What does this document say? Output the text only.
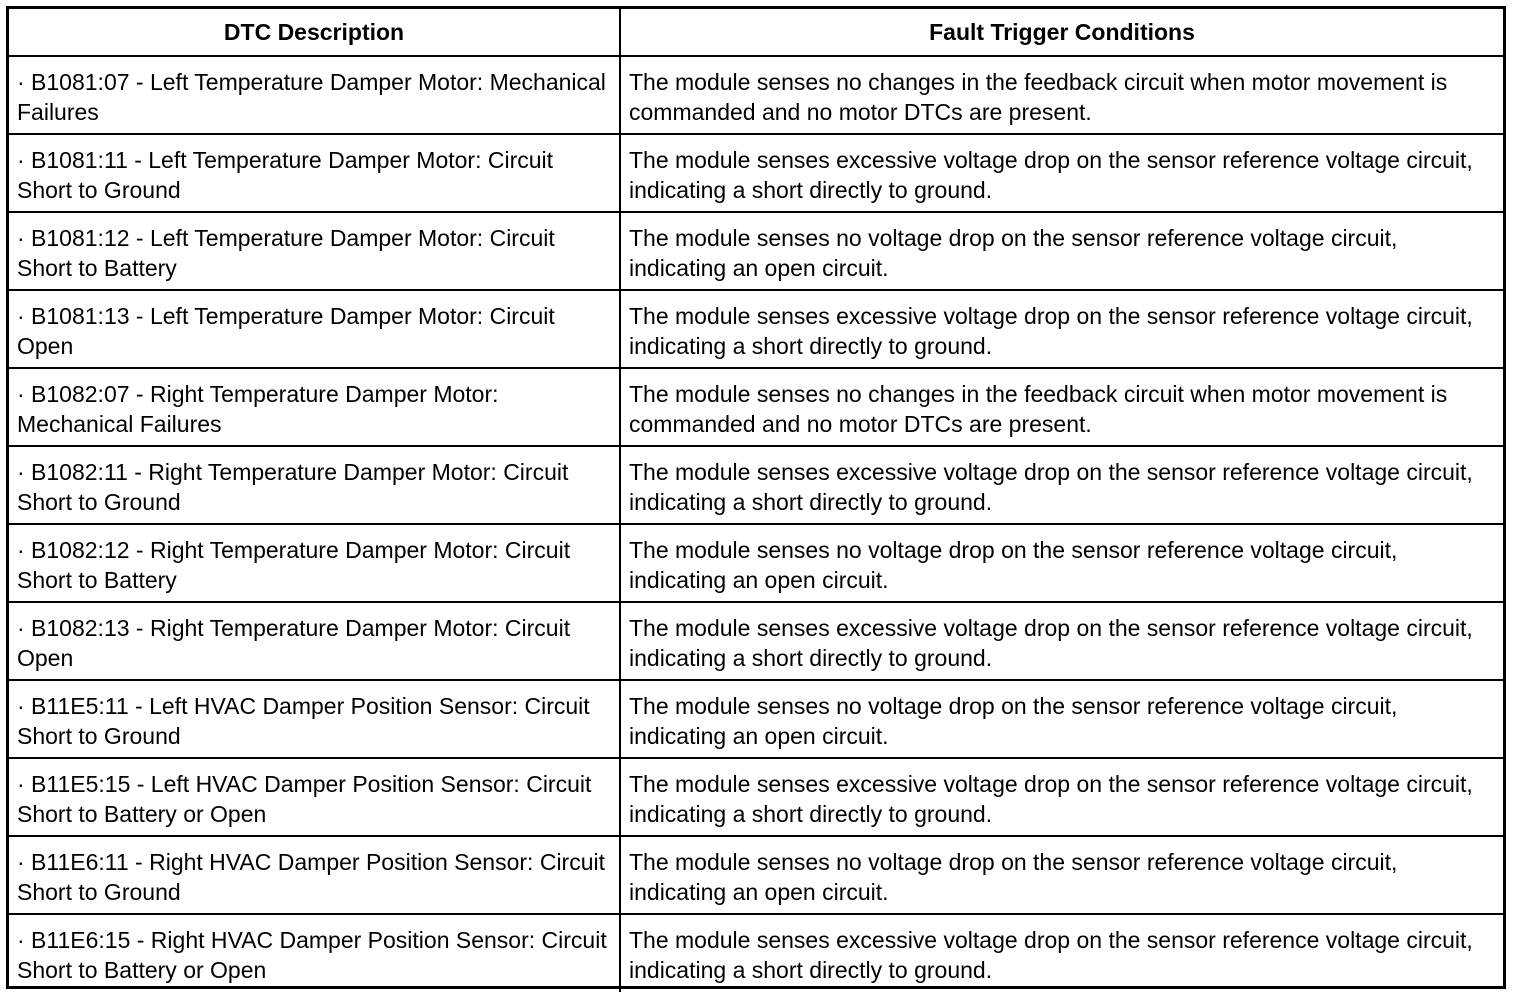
DTC Description	Fault Trigger Conditions
· B1081:07 - Left Temperature Damper Motor: Mechanical Failures	The module senses no changes in the feedback circuit when motor movement is commanded and no motor DTCs are present.
· B1081:11 - Left Temperature Damper Motor: Circuit Short to Ground	The module senses excessive voltage drop on the sensor reference voltage circuit, indicating a short directly to ground.
· B1081:12 - Left Temperature Damper Motor: Circuit Short to Battery	The module senses no voltage drop on the sensor reference voltage circuit, indicating an open circuit.
· B1081:13 - Left Temperature Damper Motor: Circuit Open	The module senses excessive voltage drop on the sensor reference voltage circuit, indicating a short directly to ground.
· B1082:07 - Right Temperature Damper Motor: Mechanical Failures	The module senses no changes in the feedback circuit when motor movement is commanded and no motor DTCs are present.
· B1082:11 - Right Temperature Damper Motor: Circuit Short to Ground	The module senses excessive voltage drop on the sensor reference voltage circuit, indicating a short directly to ground.
· B1082:12 - Right Temperature Damper Motor: Circuit Short to Battery	The module senses no voltage drop on the sensor reference voltage circuit, indicating an open circuit.
· B1082:13 - Right Temperature Damper Motor: Circuit Open	The module senses excessive voltage drop on the sensor reference voltage circuit, indicating a short directly to ground.
· B11E5:11 - Left HVAC Damper Position Sensor: Circuit Short to Ground	The module senses no voltage drop on the sensor reference voltage circuit, indicating an open circuit.
· B11E5:15 - Left HVAC Damper Position Sensor: Circuit Short to Battery or Open	The module senses excessive voltage drop on the sensor reference voltage circuit, indicating a short directly to ground.
· B11E6:11 - Right HVAC Damper Position Sensor: Circuit Short to Ground	The module senses no voltage drop on the sensor reference voltage circuit, indicating an open circuit.
· B11E6:15 - Right HVAC Damper Position Sensor: Circuit Short to Battery or Open	The module senses excessive voltage drop on the sensor reference voltage circuit, indicating a short directly to ground.
